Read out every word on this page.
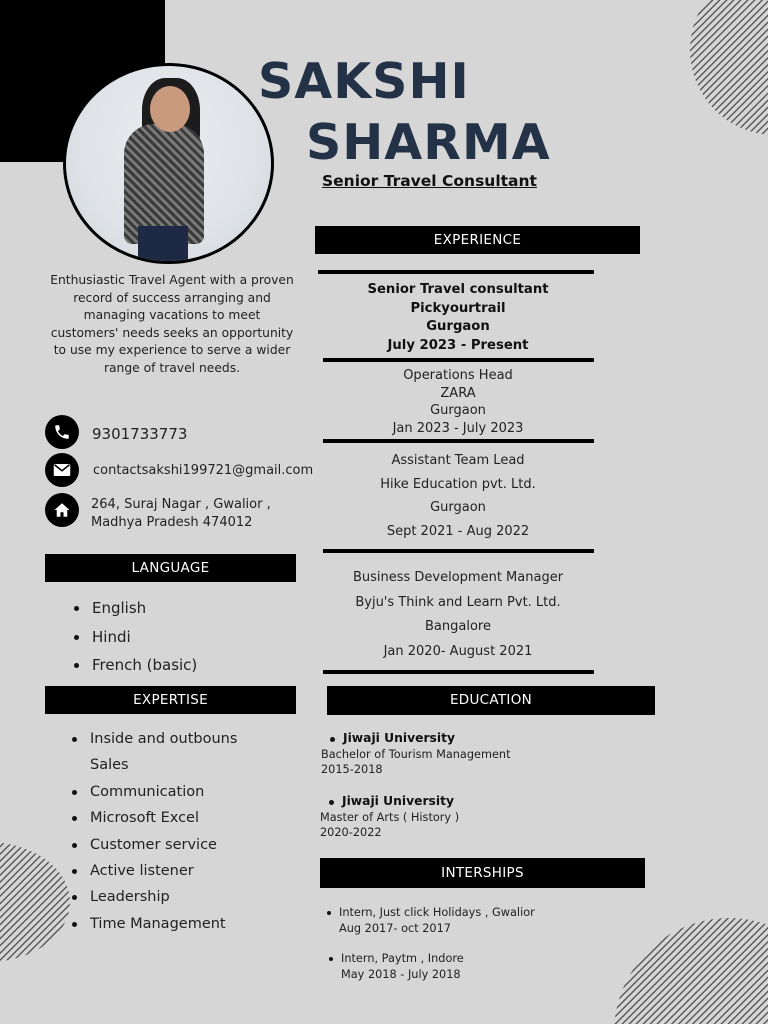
SAKSHI
SHARMA
Senior Travel Consultant
Enthusiastic Travel Agent with a proven record of success arranging and managing vacations to meet customers' needs seeks an opportunity to use my experience to serve a wider range of travel needs.
9301733773
contactsakshi199721@gmail.com
264, Suraj Nagar , Gwalior ,
Madhya Pradesh 474012
LANGUAGE
English
Hindi
French (basic)
EXPERTISE
Inside and outbouns
Sales
Communication
Microsoft Excel
Customer service
Active listener
Leadership
Time Management
EXPERIENCE
Senior Travel consultant
Pickyourtrail
Gurgaon
July 2023 - Present
Operations Head
ZARA
Gurgaon
Jan 2023 - July 2023
Assistant Team Lead
Hike Education pvt. Ltd.
Gurgaon
Sept 2021 - Aug 2022
Business Development Manager
Byju's Think and Learn Pvt. Ltd.
Bangalore
Jan 2020- August 2021
EDUCATION
Jiwaji University
Bachelor of Tourism Management
2015-2018
Jiwaji University
Master of Arts ( History )
2020-2022
INTERSHIPS
Intern, Just click Holidays , Gwalior
Aug 2017- oct 2017
Intern, Paytm , Indore
May 2018 - July 2018
